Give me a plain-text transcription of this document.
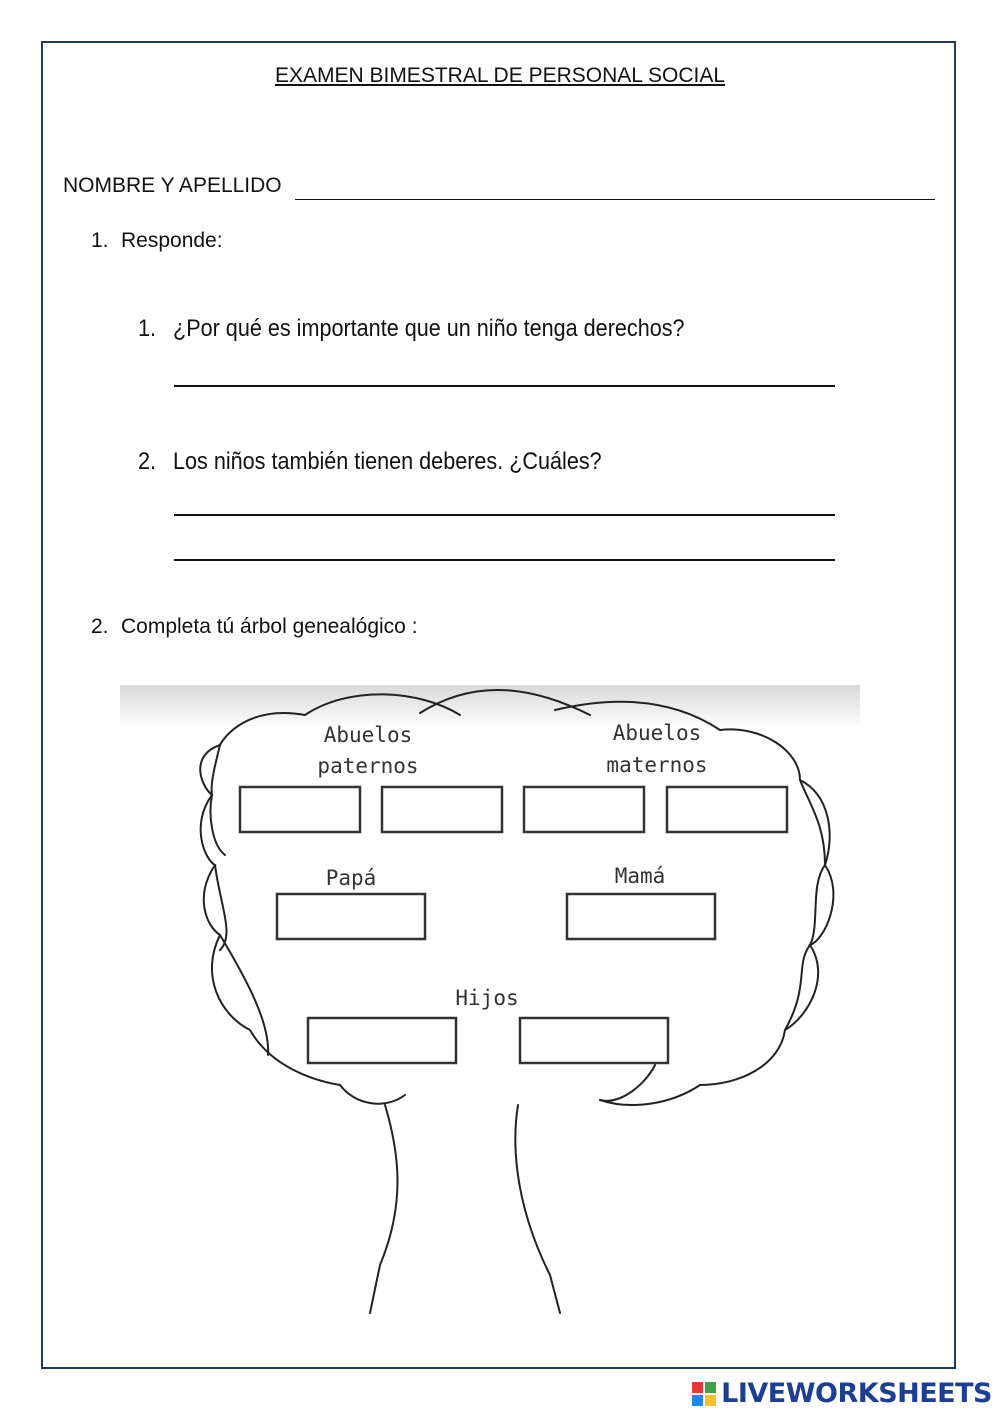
EXAMEN BIMESTRAL DE PERSONAL SOCIAL
NOMBRE Y APELLIDO
1. Responde:
1. ¿Por qué es importante que un niño tenga derechos?
2. Los niños también tienen deberes. ¿Cuáles?
2. Completa tú árbol genealógico :
Abuelos
paternos
Abuelos
maternos
Papá	Mamá
Hijos
LIVEWORKSHEETS
